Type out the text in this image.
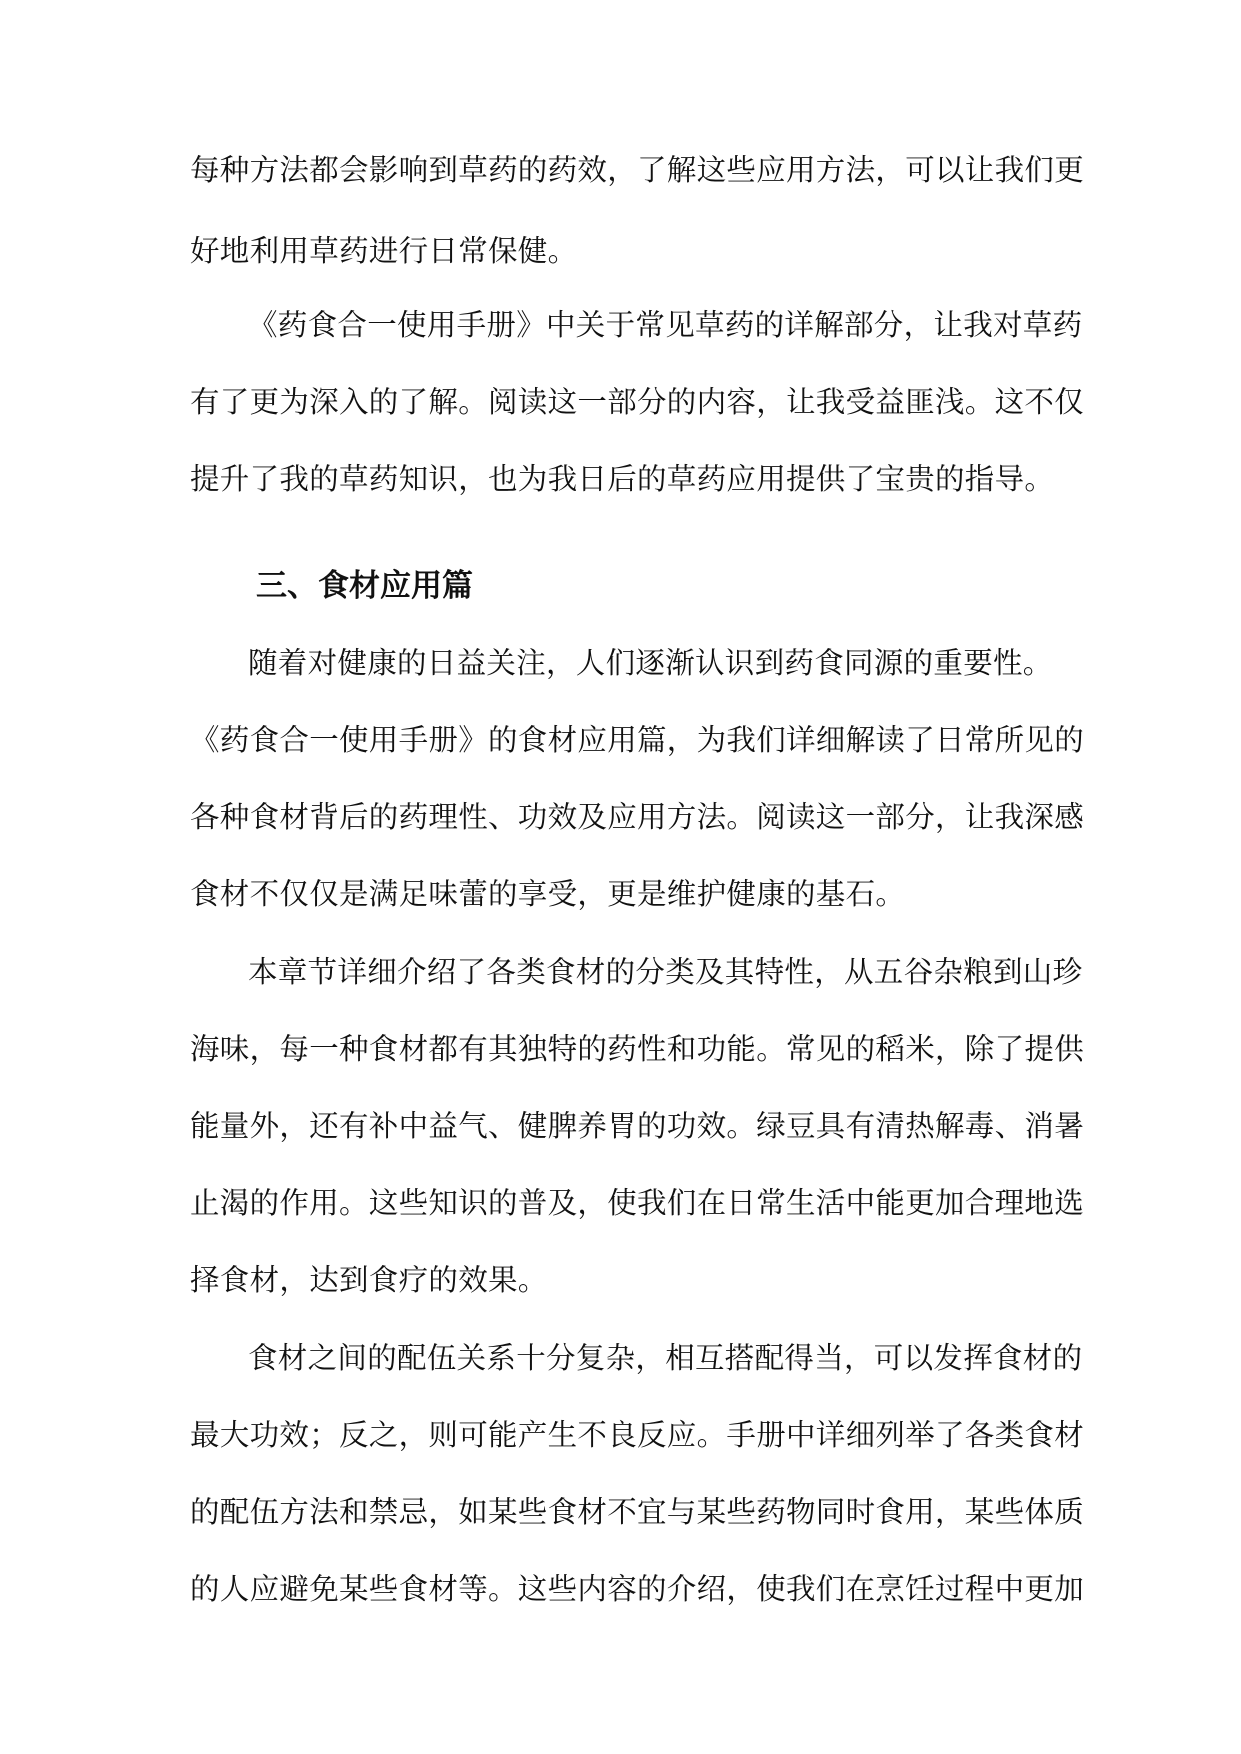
每种方法都会影响到草药的药效，了解这些应用方法，可以让我们更
好地利用草药进行日常保健。
《药食合一使用手册》中关于常见草药的详解部分，让我对草药
有了更为深入的了解。阅读这一部分的内容，让我受益匪浅。这不仅
提升了我的草药知识，也为我日后的草药应用提供了宝贵的指导。
三、食材应用篇
随着对健康的日益关注，人们逐渐认识到药食同源的重要性。
《药食合一使用手册》的食材应用篇，为我们详细解读了日常所见的
各种食材背后的药理性、功效及应用方法。阅读这一部分，让我深感
食材不仅仅是满足味蕾的享受，更是维护健康的基石。
本章节详细介绍了各类食材的分类及其特性，从五谷杂粮到山珍
海味，每一种食材都有其独特的药性和功能。常见的稻米，除了提供
能量外，还有补中益气、健脾养胃的功效。绿豆具有清热解毒、消暑
止渴的作用。这些知识的普及，使我们在日常生活中能更加合理地选
择食材，达到食疗的效果。
食材之间的配伍关系十分复杂，相互搭配得当，可以发挥食材的
最大功效；反之，则可能产生不良反应。手册中详细列举了各类食材
的配伍方法和禁忌，如某些食材不宜与某些药物同时食用，某些体质
的人应避免某些食材等。这些内容的介绍，使我们在烹饪过程中更加
